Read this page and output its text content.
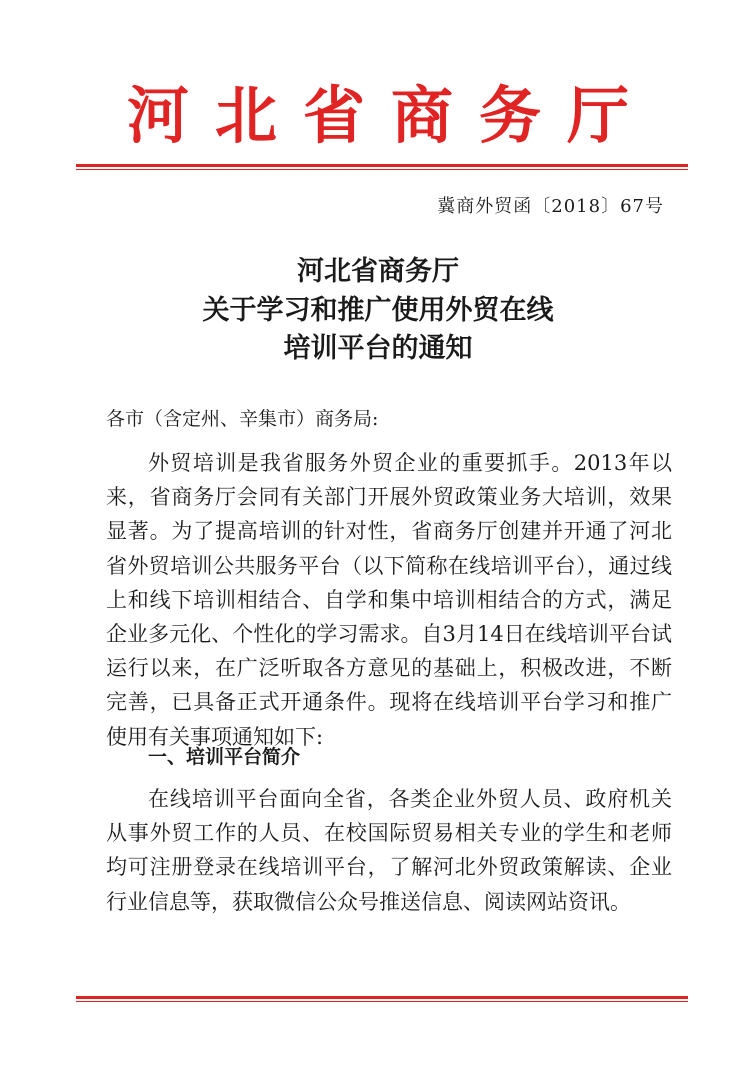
河北省商务厅
冀商外贸函〔2018〕67号
河北省商务厅
关于学习和推广使用外贸在线
培训平台的通知
各市（含定州、辛集市）商务局:

外贸培训是我省服务外贸企业的重要抓手。2013年以来，省商务厅会同有关部门开展外贸政策业务大培训，效果显著。为了提高培训的针对性，省商务厅创建并开通了河北省外贸培训公共服务平台（以下简称在线培训平台），通过线上和线下培训相结合、自学和集中培训相结合的方式，满足企业多元化、个性化的学习需求。自3月14日在线培训平台试运行以来，在广泛听取各方意见的基础上，积极改进，不断完善，已具备正式开通条件。现将在线培训平台学习和推广使用有关事项通知如下:

一、培训平台简介

在线培训平台面向全省，各类企业外贸人员、政府机关从事外贸工作的人员、在校国际贸易相关专业的学生和老师均可注册登录在线培训平台，了解河北外贸政策解读、企业行业信息等，获取微信公众号推送信息、阅读网站资讯。
